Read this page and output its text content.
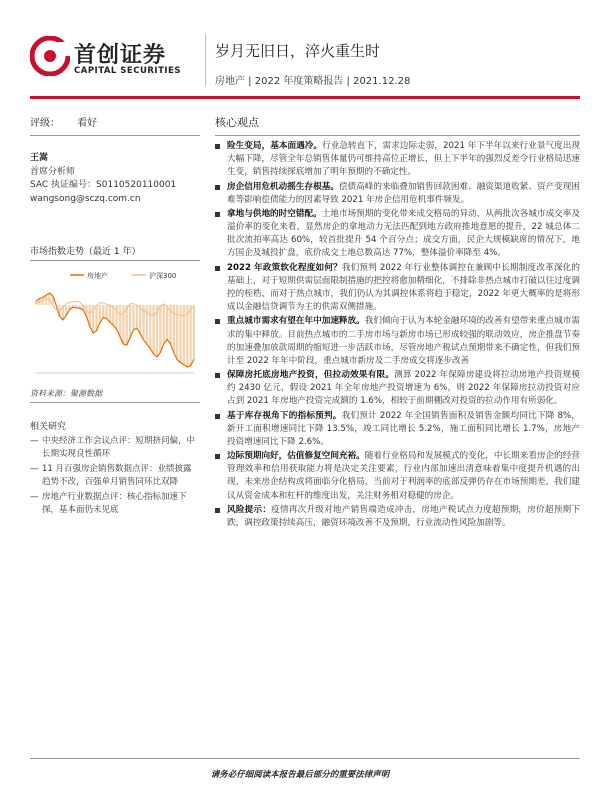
首创证券
CAPITAL SECURITIES
岁月无旧日，淬火重生时
房地产 | 2022 年度策略报告 | 2021.12.28
评级： 看好
王嵩
首席分析师
SAC 执证编号：S0110520110001
wangsong@sczq.com.cn
市场指数走势（最近 1 年）
房地产	沪深300
资料来源：聚源数据
相关研究
— 中央经济工作会议点评：短期挤问偏，中长期实现良性循环
— 11 月百强房企销售数据点评：业绩披露趋势不改，百强单月销售同环比双降
— 房地产行业数据点评：核心指标加速下探，基本面仍未见底
核心观点
险生变局，基本面遇冷。行业急转直下，需求边际走弱，2021 年下半年以来行业景气度出现大幅下降，尽管全年总销售体量仍可维持高位正增长，但上下半年的强烈反差令行业格局迅速生变，销售持续探底增加了明年预期的不确定性。
房企信用危机动摇生存根基。偿债高峰的来临叠加销售回款困难、融资渠道收紧、资产变现困难等影响偿债能力的因素导致 2021 年房企信用危机事件频发。
拿地与供地的时空错配。土地市场预期的变化带来成交格局的异动，从两批次各城市成交率及溢价率的变化来看，显然房企的拿地动力无法匹配到地方政府推地意愿的提升，22 城总体二批次流拍率高达 60%，较首批提升 54 个百分点；成交方面，民企大规模缺席的情况下，地方国企及城投扩盘，底价成交土地总数高达 77%，整体溢价率降至 4%。
2022 年政策软化程度如何？我们预判 2022 年行业整体调控在兼顾中长期制度改革深化的基础上，对于短期供需层面限制措施的把控将愈加精细化，不排除非热点城市打破以往过度调控的桎梏，而对于热点城市，我们仍认为其调控体系将趋于稳定，2022 年更大概率的是将形成以金融信贷调节为主的供需双侧措施。
重点城市需求有望在年中加速释放。我们倾向于认为本轮金融环境的改善有望带来重点城市需求的集中释放。目前热点城市的二手房市场与新房市场已形成较强的联动效应，房企推盘节奏的加速叠加放款周期的缩短进一步活跃市场，尽管房地产税试点预期带来不确定性，但我们预计至 2022 年年中阶段，重点城市新房及二手房成交将逐步改善
保障房托底房地产投资，但拉动效果有限。测算 2022 年保障房建设将拉动房地产投资规模约 2430 亿元，假设 2021 年全年房地产投资增速为 6%，则 2022 年保障房拉动投资对应占到 2021 年房地产投资完成额的 1.6%，相较于前期棚改对投资的拉动作用有所弱化。
基于库存视角下的指标预判。我们预计 2022 年全国销售面积及销售金额均同比下降 8%，新开工面积增速同比下降 13.5%，竣工同比增长 5.2%，施工面积同比增长 1.7%，房地产投资增速同比下降 2.6%。
边际预期向好，估值修复空间充裕。随着行业格局和发展模式的变化，中长期来看房企的经营管理效率和信用获取能力将是决定关注要素，行业内部加速出清意味着集中度提升机遇的出现，未来房企结构或将面临分化格局，当前对于利润率的底部反弹仍存在市场预期差，我们建议从资金成本和杠杆的维度出发，关注财务相对稳健的房企。
风险提示：疫情再次升级对地产销售端造成冲击，房地产税试点力度超预期，房价超预期下跌，调控政策持续高压，融资环境改善不及预期，行业流动性风险加剧等。
请务必仔细阅读本报告最后部分的重要法律声明
